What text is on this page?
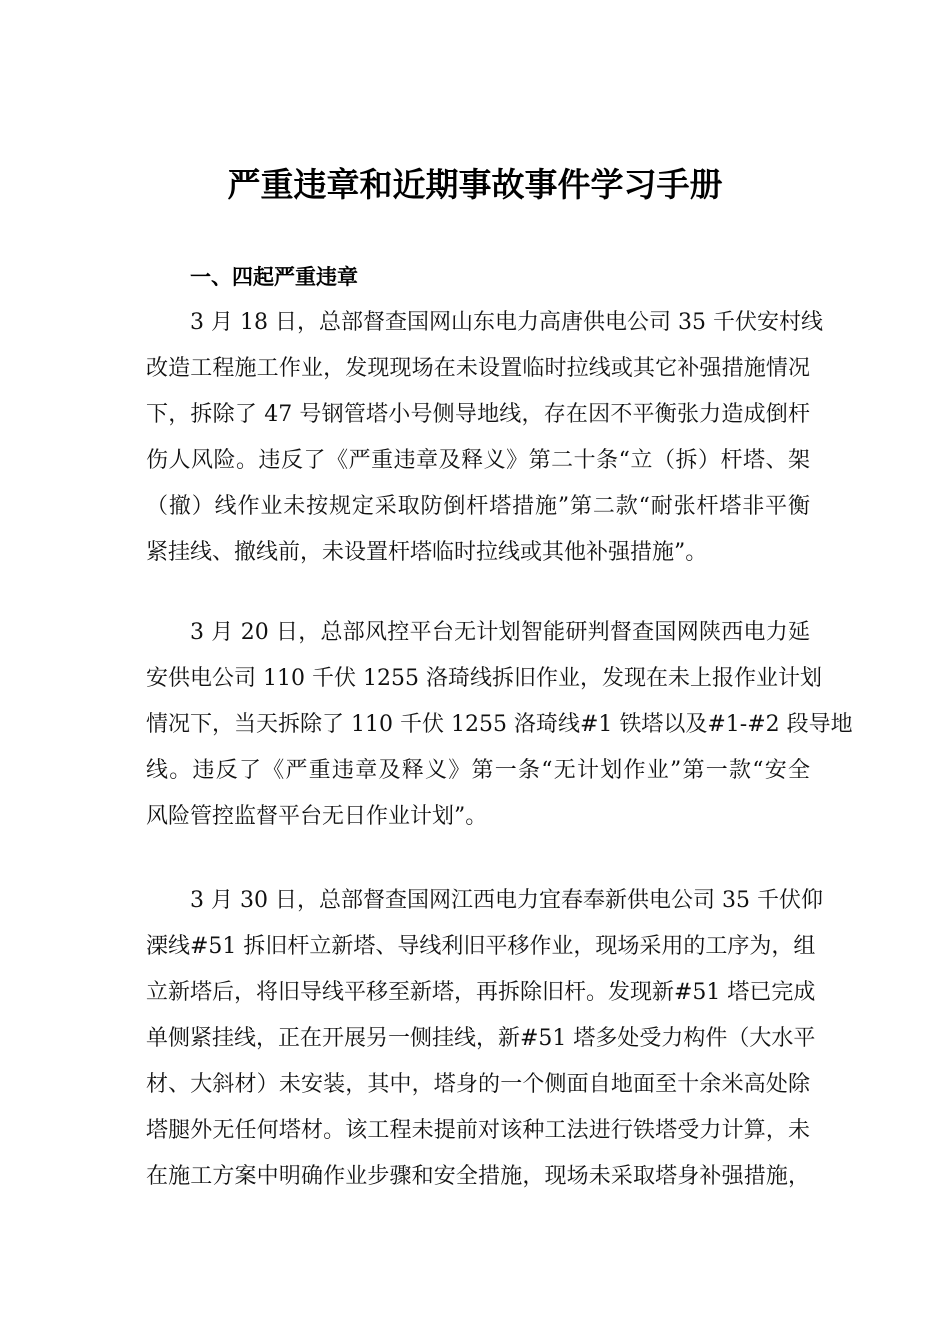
严重违章和近期事故事件学习手册
一、四起严重违章
3 月 18 日，总部督查国网山东电力高唐供电公司 35 千伏安村线
改造工程施工作业，发现现场在未设置临时拉线或其它补强措施情况
下，拆除了 47 号钢管塔小号侧导地线，存在因不平衡张力造成倒杆
伤人风险。违反了《严重违章及释义》第二十条“立（拆）杆塔、架
（撤）线作业未按规定采取防倒杆塔措施”第二款“耐张杆塔非平衡
紧挂线、撤线前，未设置杆塔临时拉线或其他补强措施”。
3 月 20 日，总部风控平台无计划智能研判督查国网陕西电力延
安供电公司 110 千伏 1255 洛琦线拆旧作业，发现在未上报作业计划
情况下，当天拆除了 110 千伏 1255 洛琦线#1 铁塔以及#1-#2 段导地
线。违反了《严重违章及释义》第一条“无计划作业”第一款“安全
风险管控监督平台无日作业计划”。
3 月 30 日，总部督查国网江西电力宜春奉新供电公司 35 千伏仰
溧线#51 拆旧杆立新塔、导线利旧平移作业，现场采用的工序为，组
立新塔后，将旧导线平移至新塔，再拆除旧杆。发现新#51 塔已完成
单侧紧挂线，正在开展另一侧挂线，新#51 塔多处受力构件（大水平
材、大斜材）未安装，其中，塔身的一个侧面自地面至十余米高处除
塔腿外无任何塔材。该工程未提前对该种工法进行铁塔受力计算，未
在施工方案中明确作业步骤和安全措施，现场未采取塔身补强措施，
